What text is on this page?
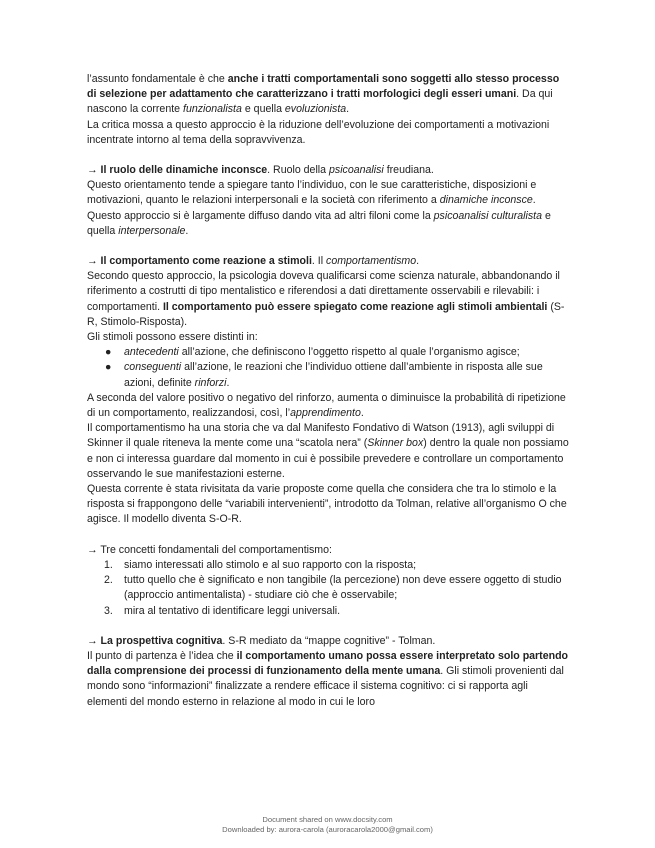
l’assunto fondamentale è che anche i tratti comportamentali sono soggetti allo stesso processo di selezione per adattamento che caratterizzano i tratti morfologici degli esseri umani. Da qui nascono la corrente funzionalista e quella evoluzionista.

La critica mossa a questo approccio è la riduzione dell’evoluzione dei comportamenti a motivazioni incentrate intorno al tema della sopravvivenza.

→ Il ruolo delle dinamiche inconsce. Ruolo della psicoanalisi freudiana.

Questo orientamento tende a spiegare tanto l’individuo, con le sue caratteristiche, disposizioni e motivazioni, quanto le relazioni interpersonali e la società con riferimento a dinamiche inconsce.

Questo approccio si è largamente diffuso dando vita ad altri filoni come la psicoanalisi culturalista e quella interpersonale.

→ Il comportamento come reazione a stimoli. Il comportamentismo.

Secondo questo approccio, la psicologia doveva qualificarsi come scienza naturale, abbandonando il riferimento a costrutti di tipo mentalistico e riferendosi a dati direttamente osservabili e rilevabili: i comportamenti. Il comportamento può essere spiegato come reazione agli stimoli ambientali (S-R, Stimolo-Risposta).

Gli stimoli possono essere distinti in:

● antecedenti all’azione, che definiscono l’oggetto rispetto al quale l’organismo agisce;
● conseguenti all’azione, le reazioni che l’individuo ottiene dall’ambiente in risposta alle sue azioni, definite rinforzi.

A seconda del valore positivo o negativo del rinforzo, aumenta o diminuisce la probabilità di ripetizione di un comportamento, realizzandosi, così, l’apprendimento.

Il comportamentismo ha una storia che va dal Manifesto Fondativo di Watson (1913), agli sviluppi di Skinner il quale riteneva la mente come una “scatola nera” (Skinner box) dentro la quale non possiamo e non ci interessa guardare dal momento in cui è possibile prevedere e controllare un comportamento osservando le sue manifestazioni esterne.

Questa corrente è stata rivisitata da varie proposte come quella che considera che tra lo stimolo e la risposta si frappongono delle “variabili intervenienti”, introdotto da Tolman, relative all’organismo O che agisce. Il modello diventa S-O-R.

→ Tre concetti fondamentali del comportamentismo:

1. siamo interessati allo stimolo e al suo rapporto con la risposta;
2. tutto quello che è significato e non tangibile (la percezione) non deve essere oggetto di studio (approccio antimentalista) - studiare ciò che è osservabile;
3. mira al tentativo di identificare leggi universali.

→ La prospettiva cognitiva. S-R mediato da “mappe cognitive” - Tolman.

Il punto di partenza è l’idea che il comportamento umano possa essere interpretato solo partendo dalla comprensione dei processi di funzionamento della mente umana. Gli stimoli provenienti dal mondo sono “informazioni” finalizzate a rendere efficace il sistema cognitivo: ci si rapporta agli elementi del mondo esterno in relazione al modo in cui le loro

Document shared on www.docsity.com
Downloaded by: aurora-carola (auroracarola2000@gmail.com)
